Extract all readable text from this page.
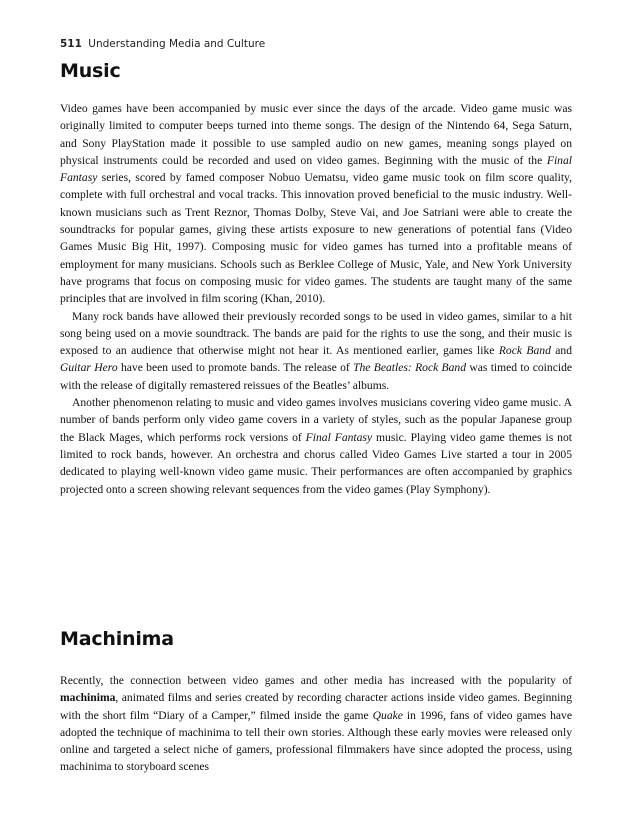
511 Understanding Media and Culture
Music

Video games have been accompanied by music ever since the days of the arcade. Video game music was originally limited to computer beeps turned into theme songs. The design of the Nintendo 64, Sega Saturn, and Sony PlayStation made it possible to use sampled audio on new games, meaning songs played on physical instruments could be recorded and used on video games. Beginning with the music of the Final Fantasy series, scored by famed composer Nobuo Uematsu, video game music took on film score quality, complete with full orchestral and vocal tracks. This innovation proved beneficial to the music industry. Well-known musicians such as Trent Reznor, Thomas Dolby, Steve Vai, and Joe Satriani were able to create the soundtracks for popular games, giving these artists exposure to new generations of potential fans (Video Games Music Big Hit, 1997). Composing music for video games has turned into a profitable means of employment for many musicians. Schools such as Berklee College of Music, Yale, and New York University have programs that focus on composing music for video games. The students are taught many of the same principles that are involved in film scoring (Khan, 2010).

Many rock bands have allowed their previously recorded songs to be used in video games, similar to a hit song being used on a movie soundtrack. The bands are paid for the rights to use the song, and their music is exposed to an audience that otherwise might not hear it. As mentioned earlier, games like Rock Band and Guitar Hero have been used to promote bands. The release of The Beatles: Rock Band was timed to coincide with the release of digitally remastered reissues of the Beatles’ albums.

Another phenomenon relating to music and video games involves musicians covering video game music. A number of bands perform only video game covers in a variety of styles, such as the popular Japanese group the Black Mages, which performs rock versions of Final Fantasy music. Playing video game themes is not limited to rock bands, however. An orchestra and chorus called Video Games Live started a tour in 2005 dedicated to playing well-known video game music. Their performances are often accompanied by graphics projected onto a screen showing relevant sequences from the video games (Play Symphony).

Machinima

Recently, the connection between video games and other media has increased with the popularity of machinima, animated films and series created by recording character actions inside video games. Beginning with the short film “Diary of a Camper,” filmed inside the game Quake in 1996, fans of video games have adopted the technique of machinima to tell their own stories. Although these early movies were released only online and targeted a select niche of gamers, professional filmmakers have since adopted the process, using machinima to storyboard scenes
